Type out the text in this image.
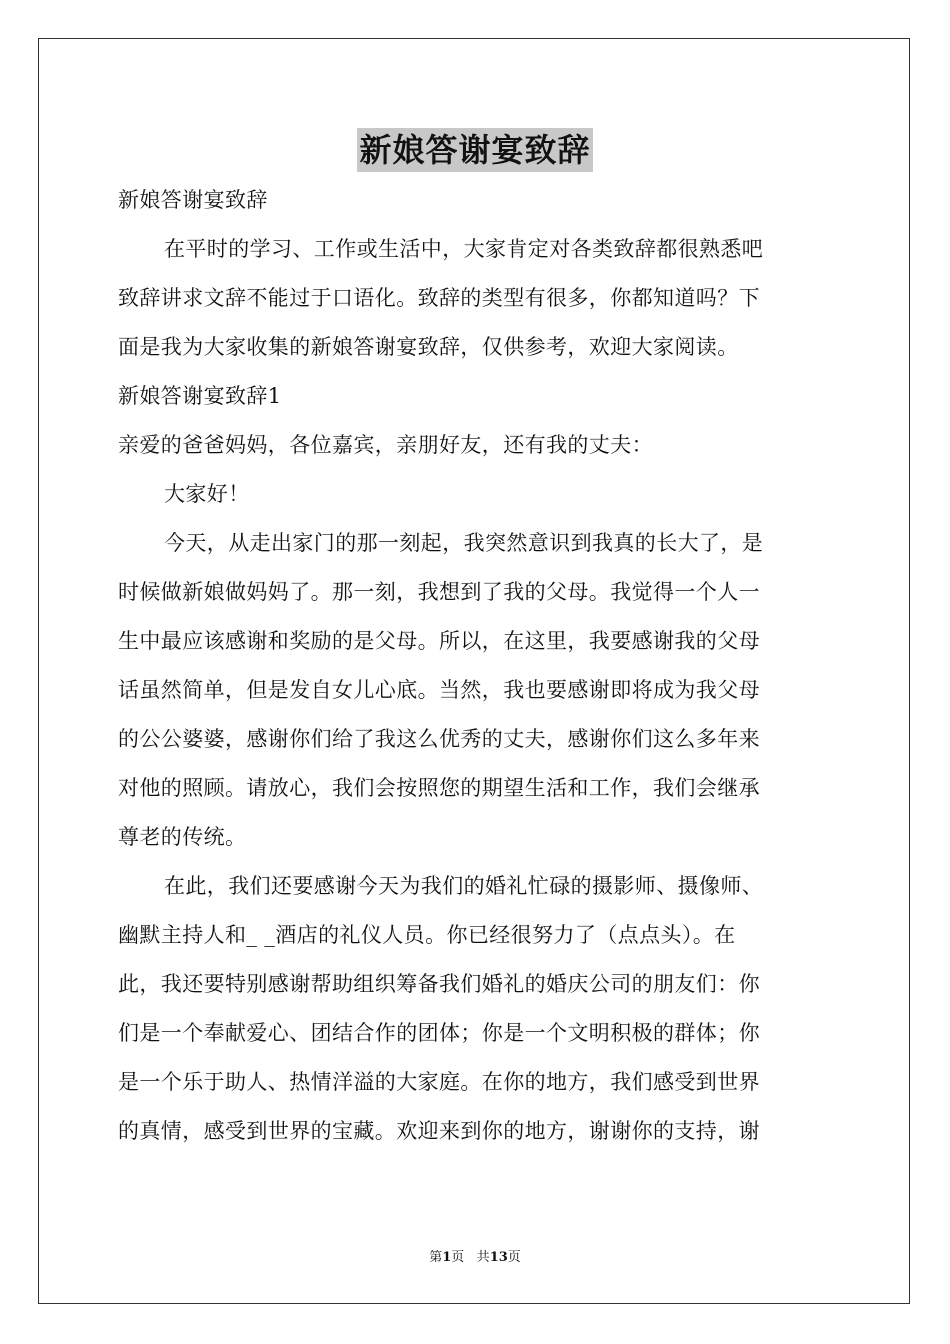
新娘答谢宴致辞

新娘答谢宴致辞

在平时的学习、工作或生活中，大家肯定对各类致辞都很熟悉吧

致辞讲求文辞不能过于口语化。致辞的类型有很多，你都知道吗？下

面是我为大家收集的新娘答谢宴致辞，仅供参考，欢迎大家阅读。

新娘答谢宴致辞1

亲爱的爸爸妈妈，各位嘉宾，亲朋好友，还有我的丈夫：

大家好！

今天，从走出家门的那一刻起，我突然意识到我真的长大了，是

时候做新娘做妈妈了。那一刻，我想到了我的父母。我觉得一个人一

生中最应该感谢和奖励的是父母。所以，在这里，我要感谢我的父母

话虽然简单，但是发自女儿心底。当然，我也要感谢即将成为我父母

的公公婆婆，感谢你们给了我这么优秀的丈夫，感谢你们这么多年来

对他的照顾。请放心，我们会按照您的期望生活和工作，我们会继承

尊老的传统。

在此，我们还要感谢今天为我们的婚礼忙碌的摄影师、摄像师、

幽默主持人和_ _酒店的礼仪人员。你已经很努力了（点点头）。在

此，我还要特别感谢帮助组织筹备我们婚礼的婚庆公司的朋友们：你

们是一个奉献爱心、团结合作的团体；你是一个文明积极的群体；你

是一个乐于助人、热情洋溢的大家庭。在你的地方，我们感受到世界

的真情，感受到世界的宝藏。欢迎来到你的地方，谢谢你的支持，谢

第1页 共13页
